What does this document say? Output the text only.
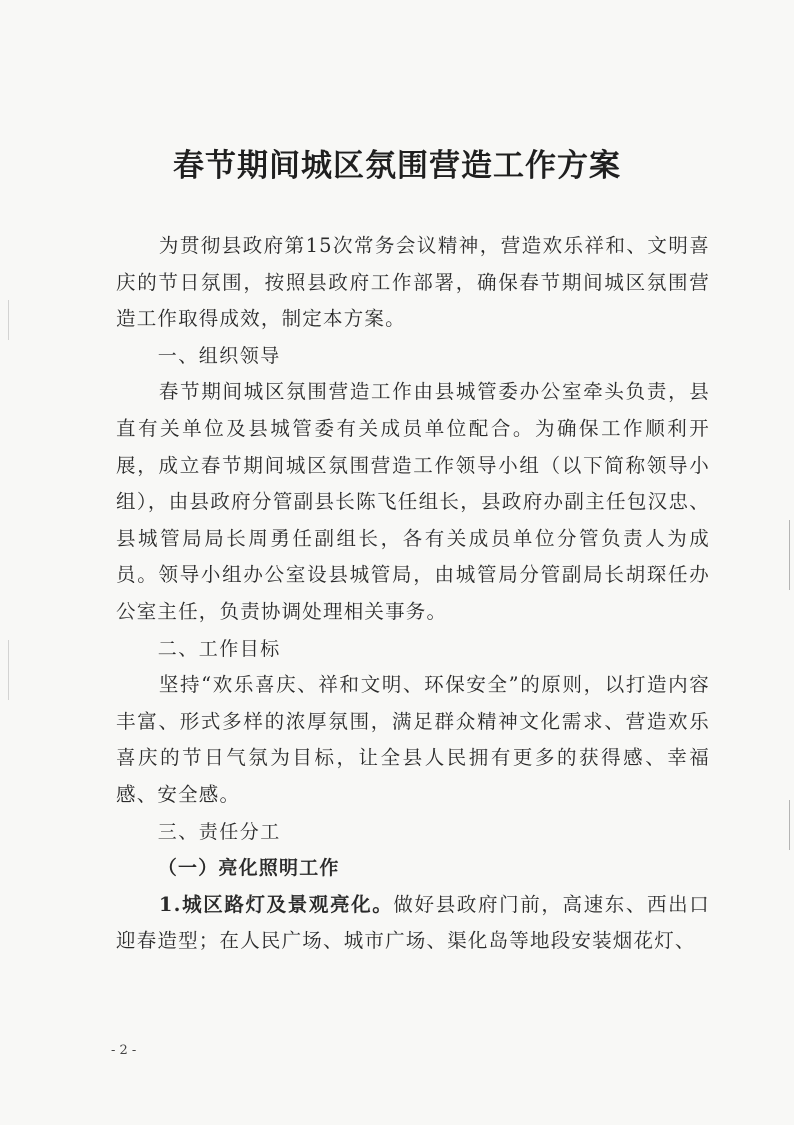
春节期间城区氛围营造工作方案

为贯彻县政府第15次常务会议精神，营造欢乐祥和、文明喜庆的节日氛围，按照县政府工作部署，确保春节期间城区氛围营造工作取得成效，制定本方案。

一、组织领导

春节期间城区氛围营造工作由县城管委办公室牵头负责，县直有关单位及县城管委有关成员单位配合。为确保工作顺利开展，成立春节期间城区氛围营造工作领导小组（以下简称领导小组），由县政府分管副县长陈飞任组长，县政府办副主任包汉忠、县城管局局长周勇任副组长，各有关成员单位分管负责人为成员。领导小组办公室设县城管局，由城管局分管副局长胡琛任办公室主任，负责协调处理相关事务。

二、工作目标

坚持“欢乐喜庆、祥和文明、环保安全”的原则，以打造内容丰富、形式多样的浓厚氛围，满足群众精神文化需求、营造欢乐喜庆的节日气氛为目标，让全县人民拥有更多的获得感、幸福感、安全感。

三、责任分工

（一）亮化照明工作

1.城区路灯及景观亮化。做好县政府门前，高速东、西出口迎春造型；在人民广场、城市广场、渠化岛等地段安装烟花灯、

- 2 -
